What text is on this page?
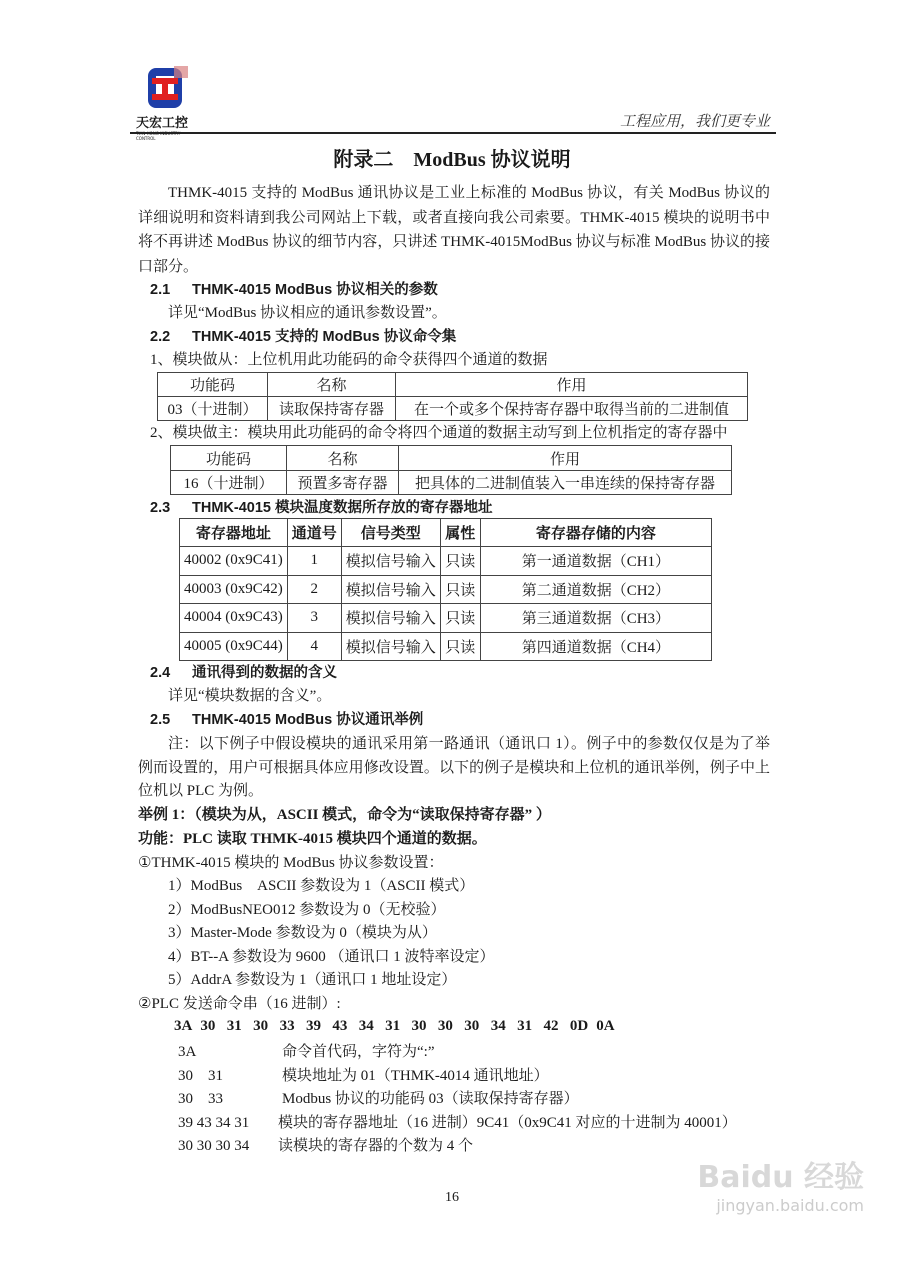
天宏工控
CONTROL
工程应用，我们更专业
附录二　ModBus 协议说明
THMK-4015 支持的 ModBus 通讯协议是工业上标准的 ModBus 协议，有关 ModBus 协议的详细说明和资料请到我公司网站上下载，或者直接向我公司索要。THMK-4015 模块的说明书中将不再讲述 ModBus 协议的细节内容，只讲述 THMK-4015ModBus 协议与标准 ModBus 协议的接口部分。
2.1 THMK-4015 ModBus 协议相关的参数
详见“ModBus 协议相应的通讯参数设置”。
2.2 THMK-4015 支持的 ModBus 协议命令集
1、模块做从：上位机用此功能码的命令获得四个通道的数据
功能码	名称	作用
03（十进制）	读取保持寄存器	在一个或多个保持寄存器中取得当前的二进制值
2、模块做主：模块用此功能码的命令将四个通道的数据主动写到上位机指定的寄存器中
功能码	名称	作用
16（十进制）	预置多寄存器	把具体的二进制值装入一串连续的保持寄存器
2.3 THMK-4015 模块温度数据所存放的寄存器地址
寄存器地址	通道号	信号类型	属性	寄存器存储的内容
40002 (0x9C41)	1	模拟信号输入	只读	第一通道数据（CH1）
40003 (0x9C42)	2	模拟信号输入	只读	第二通道数据（CH2）
40004 (0x9C43)	3	模拟信号输入	只读	第三通道数据（CH3）
40005 (0x9C44)	4	模拟信号输入	只读	第四通道数据（CH4）
2.4 通讯得到的数据的含义
详见“模块数据的含义”。
2.5 THMK-4015 ModBus 协议通讯举例
注：以下例子中假设模块的通讯采用第一路通讯（通讯口 1）。例子中的参数仅仅是为了举例而设置的，用户可根据具体应用修改设置。以下的例子是模块和上位机的通讯举例，例子中上位机以 PLC 为例。
举例 1：（模块为从，ASCII 模式，命令为“读取保持寄存器” ）
功能：PLC 读取 THMK-4015 模块四个通道的数据。
①THMK-4015 模块的 ModBus 协议参数设置：
1）ModBus　ASCII 参数设为 1（ASCII 模式）
2）ModBusNEO012 参数设为 0（无校验）
3）Master-Mode 参数设为 0（模块为从）
4）BT--A 参数设为 9600 （通讯口 1 波特率设定）
5）AddrA 参数设为 1（通讯口 1 地址设定）
②PLC 发送命令串（16 进制）:
3A 30 31 30 33 39 43 34 31 30 30 30 34 31 42 0D 0A
3A	命令首代码，字符为“:”
30　31	模块地址为 01（THMK-4014 通讯地址）
30　33	Modbus 协议的功能码 03（读取保持寄存器）
39 43 34 31 模块的寄存器地址（16 进制）9C41（0x9C41 对应的十进制为 40001）
30 30 30 34 读模块的寄存器的个数为 4 个
16
Baidu 经验
jingyan.baidu.com
